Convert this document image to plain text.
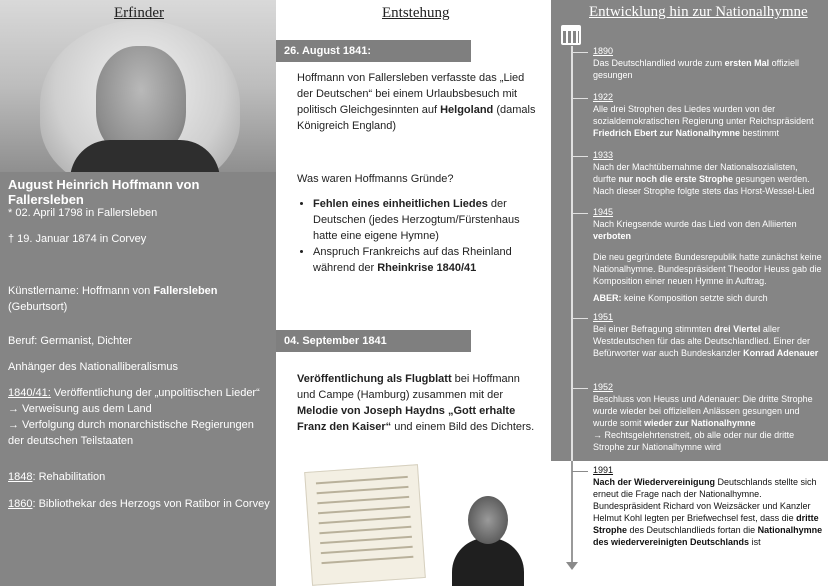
Erfinder
August Heinrich Hoffmann von Fallersleben
* 02. April 1798 in Fallersleben
† 19. Januar 1874 in Corvey
Künstlername: Hoffmann von Fallersleben (Geburtsort)
Beruf: Germanist, Dichter
Anhänger des Nationalliberalismus
1840/41: Veröffentlichung der „unpolitischen Lieder“
→ Verweisung aus dem Land
→ Verfolgung durch monarchistische Regierungen der deutschen Teilstaaten
1848: Rehabilitation
1860: Bibliothekar des Herzogs von Ratibor in Corvey
Entstehung
26. August 1841:
Hoffmann von Fallersleben verfasste das „Lied der Deutschen“ bei einem Urlaubsbesuch mit politisch Gleichgesinnten auf Helgoland (damals Königreich England)
Was waren Hoffmanns Gründe?
• Fehlen eines einheitlichen Liedes der Deutschen (jedes Herzogtum/Fürstenhaus hatte eine eigene Hymne)
• Anspruch Frankreichs auf das Rheinland während der Rheinkrise 1840/41
04. September 1841
Veröffentlichung als Flugblatt bei Hoffmann und Campe (Hamburg) zusammen mit der Melodie von Joseph Haydns „Gott erhalte Franz den Kaiser“ und einem Bild des Dichters.
Entwicklung hin zur Nationalhymne
1890

Das Deutschlandlied wurde zum ersten Mal offiziell gesungen

1922

Alle drei Strophen des Liedes wurden von der sozialdemokratischen Regierung unter Reichspräsident Friedrich Ebert zur Nationalhymne bestimmt

1933

Nach der Machtübernahme der Nationalsozialisten, durfte nur noch die erste Strophe gesungen werden. Nach dieser Strophe folgte stets das Horst-Wessel-Lied

1945

Nach Kriegsende wurde das Lied von den Alliierten verboten

Die neu gegründete Bundesrepublik hatte zunächst keine Nationalhymne. Bundespräsident Theodor Heuss gab die Komposition einer neuen Hymne in Auftrag.

ABER: keine Komposition setzte sich durch

1951

Bei einer Befragung stimmten drei Viertel aller Westdeutschen für das alte Deutschlandlied. Einer der Befürworter war auch Bundeskanzler Konrad Adenauer

1952

Beschluss von Heuss und Adenauer: Die dritte Strophe wurde wieder bei offiziellen Anlässen gesungen und wurde somit wieder zur Nationalhymne
→ Rechtsgelehrtenstreit, ob alle oder nur die dritte Strophe zur Nationalhymne wird

1991

Nach der Wiedervereinigung Deutschlands stellte sich erneut die Frage nach der Nationalhymne. Bundespräsident Richard von Weizsäcker und Kanzler Helmut Kohl legten per Briefwechsel fest, dass die dritte Strophe des Deutschlandlieds fortan die Nationalhymne des wiedervereinigten Deutschlands ist
